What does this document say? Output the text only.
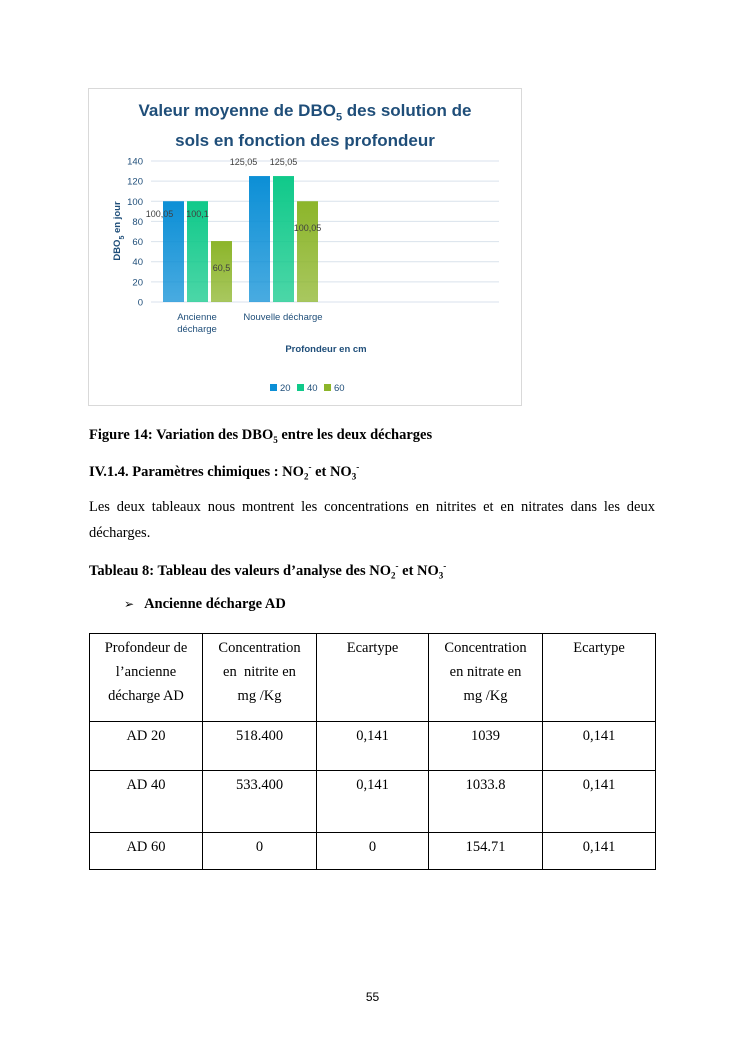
Valeur moyenne de $DBO_5$ des solution de
sols en fonction des profondeur
0
20
40
60
80
100
120
140
$DBO_5$ en jour	100,05 100,1
60,5
125,05 125,05
100,05
Ancienne
décharge
Nouvelle décharge
Profondeur en cm
20 40 60
Figure 14: Variation des $DBO_5$ entre les deux décharges
IV.1.4. Paramètres chimiques : $NO_2^-$ et $NO_3^-$
Les deux tableaux nous montrent les concentrations en nitrites et en nitrates dans les deux décharges.
Tableau 8: Tableau des valeurs d’analyse des $NO_2^-$ et $NO_3^-$
➢ Ancienne décharge AD
Profondeur de
l’ancienne
décharge AD	Concentration
en  nitrite en
mg /Kg	Ecartype	Concentration
en nitrate en
mg /Kg	Ecartype
AD 20	518.400	0,141	1039	0,141
AD 40	533.400	0,141	1033.8	0,141
AD 60	0	0	154.71	0,141
55
